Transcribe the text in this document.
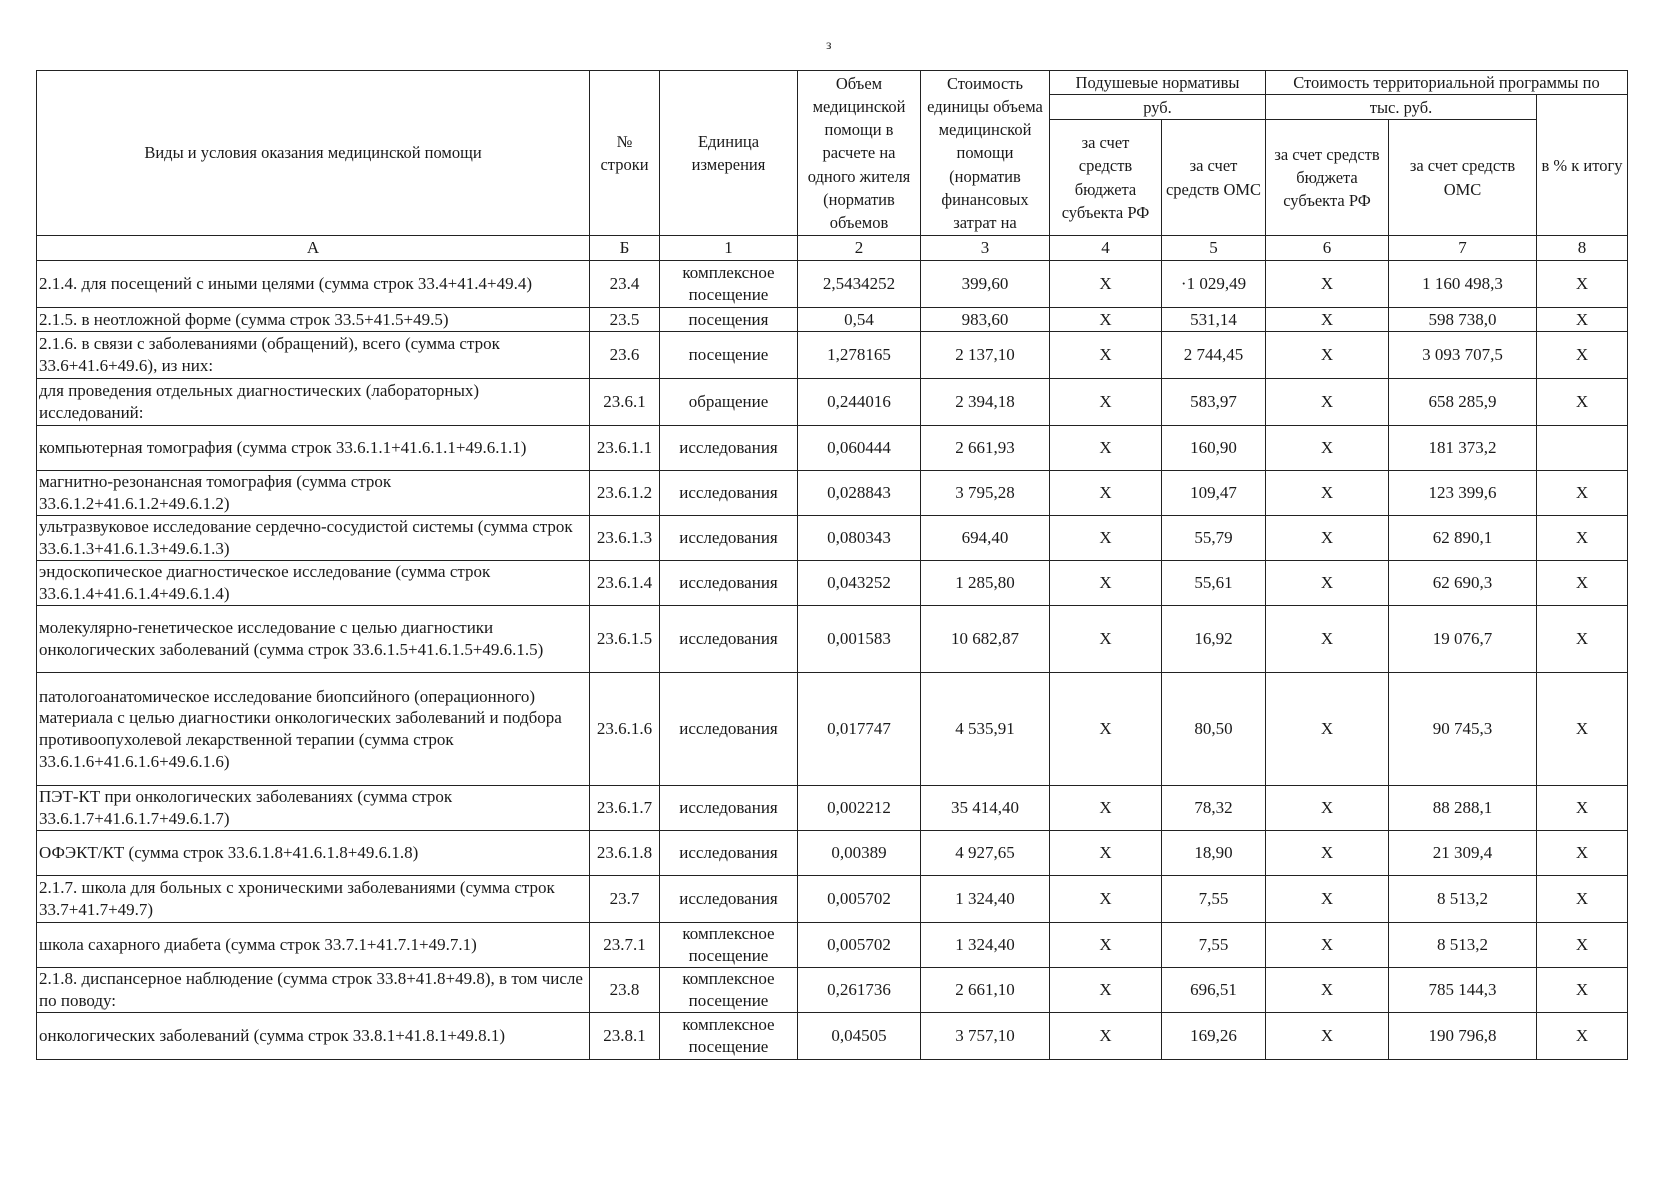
з
Виды и условия оказания медицинской помощи	№ строки	Единица измерения	Объем медицинской помощи в расчете на одного жителя (норматив объемов	Стоимость единицы объема медицинской помощи (норматив финансовых затрат на	Подушевые нормативы		Стоимость территориальной программы по		
					руб.		тыс. руб.		в % к итогу
					за счет средств бюджета субъекта РФ	за счет средств ОМС	за счет средств бюджета субъекта РФ	за счет средств ОМС	
А	Б	1	2	3	4	5	6	7	8
2.1.4. для посещений с иными целями (сумма строк 33.4+41.4+49.4)	23.4	комплексное посещение	2,5434252	399,60	X	·1 029,49	X	1 160 498,3	X
2.1.5. в неотложной форме (сумма строк 33.5+41.5+49.5)	23.5	посещения	0,54	983,60	X	531,14	X	598 738,0	X
2.1.6. в связи с заболеваниями (обращений), всего (сумма строк 33.6+41.6+49.6), из них:	23.6	посещение	1,278165	2 137,10	X	2 744,45	X	3 093 707,5	X
для проведения отдельных диагностических (лабораторных) исследований:	23.6.1	обращение	0,244016	2 394,18	X	583,97	X	658 285,9	X
компьютерная томография (сумма строк 33.6.1.1+41.6.1.1+49.6.1.1)	23.6.1.1	исследования	0,060444	2 661,93	X	160,90	X	181 373,2	
магнитно-резонансная томография (сумма строк 33.6.1.2+41.6.1.2+49.6.1.2)	23.6.1.2	исследования	0,028843	3 795,28	X	109,47	X	123 399,6	X
ультразвуковое исследование сердечно-сосудистой системы (сумма строк 33.6.1.3+41.6.1.3+49.6.1.3)	23.6.1.3	исследования	0,080343	694,40	X	55,79	X	62 890,1	X
эндоскопическое диагностическое исследование (сумма строк 33.6.1.4+41.6.1.4+49.6.1.4)	23.6.1.4	исследования	0,043252	1 285,80	X	55,61	X	62 690,3	X
молекулярно-генетическое исследование с целью диагностики онкологических заболеваний (сумма строк 33.6.1.5+41.6.1.5+49.6.1.5)	23.6.1.5	исследования	0,001583	10 682,87	X	16,92	X	19 076,7	X
патологоанатомическое исследование биопсийного (операционного) материала с целью диагностики онкологических заболеваний и подбора противоопухолевой лекарственной терапии (сумма строк 33.6.1.6+41.6.1.6+49.6.1.6)	23.6.1.6	исследования	0,017747	4 535,91	X	80,50	X	90 745,3	X
ПЭТ-КТ при онкологических заболеваниях (сумма строк 33.6.1.7+41.6.1.7+49.6.1.7)	23.6.1.7	исследования	0,002212	35 414,40	X	78,32	X	88 288,1	X
ОФЭКТ/КТ (сумма строк 33.6.1.8+41.6.1.8+49.6.1.8)	23.6.1.8	исследования	0,00389	4 927,65	X	18,90	X	21 309,4	X
2.1.7. школа для больных с хроническими заболеваниями (сумма строк 33.7+41.7+49.7)	23.7	исследования	0,005702	1 324,40	X	7,55	X	8 513,2	X
школа сахарного диабета (сумма строк 33.7.1+41.7.1+49.7.1)	23.7.1	комплексное посещение	0,005702	1 324,40	X	7,55	X	8 513,2	X
2.1.8. диспансерное наблюдение (сумма строк 33.8+41.8+49.8), в том числе по поводу:	23.8	комплексное посещение	0,261736	2 661,10	X	696,51	X	785 144,3	X
онкологических заболеваний (сумма строк 33.8.1+41.8.1+49.8.1)	23.8.1	комплексное посещение	0,04505	3 757,10	X	169,26	X	190 796,8	X
